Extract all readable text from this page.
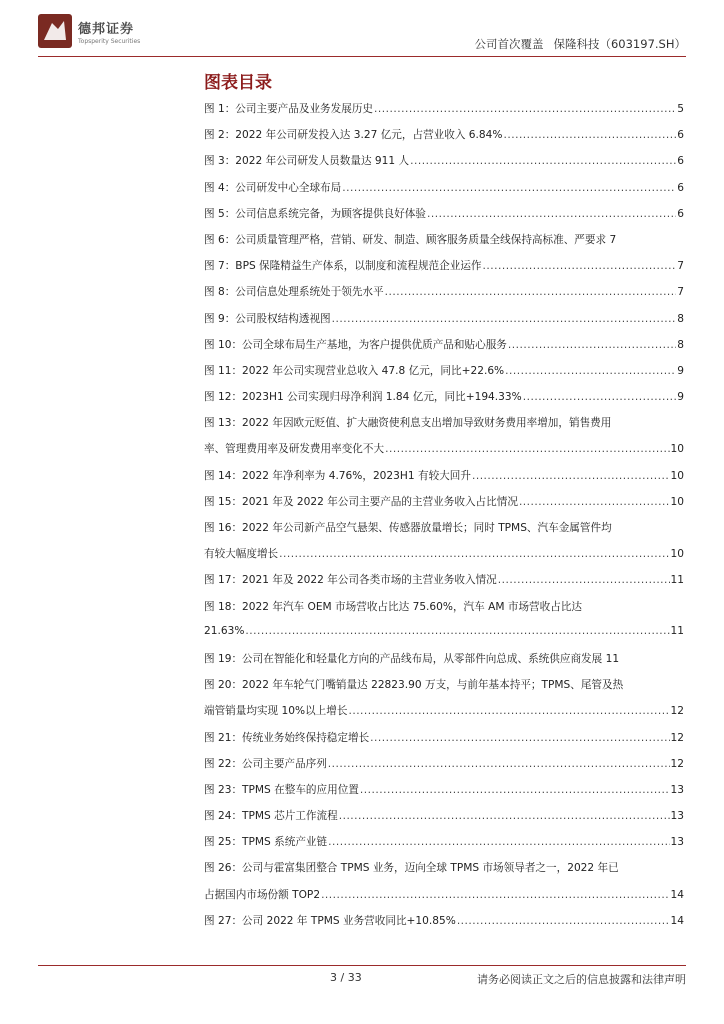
德邦证券
Topsperity Securities	公司首次覆盖 保隆科技（603197.SH）
图表目录
图 1：公司主要产品及业务发展历史 .....	5
图 2：2022 年公司研发投入达 3.27 亿元，占营业收入 6.84% .....	6
图 3：2022 年公司研发人员数量达 911 人 .....	6
图 4：公司研发中心全球布局 .....	6
图 5：公司信息系统完备，为顾客提供良好体验 .....	6
图 6：公司质量管理严格，营销、研发、制造、顾客服务质量全线保持高标准、严要求 7
图 7：BPS 保隆精益生产体系，以制度和流程规范企业运作 .....	7
图 8：公司信息处理系统处于领先水平 .....	7
图 9：公司股权结构透视图 .....	8
图 10：公司全球布局生产基地，为客户提供优质产品和贴心服务 .....	8
图 11：2022 年公司实现营业总收入 47.8 亿元，同比+22.6% .....	9
图 12：2023H1 公司实现归母净利润 1.84 亿元，同比+194.33% .....	9
图 13：2022 年因欧元贬值、扩大融资使利息支出增加导致财务费用率增加，销售费用
率、管理费用率及研发费用率变化不大 .....	10
图 14：2022 年净利率为 4.76%，2023H1 有较大回升 .....	10
图 15：2021 年及 2022 年公司主要产品的主营业务收入占比情况 .....	10
图 16：2022 年公司新产品空气悬架、传感器放量增长；同时 TPMS、汽车金属管件均
有较大幅度增长 .....	10
图 17：2021 年及 2022 年公司各类市场的主营业务收入情况 .....	11
图 18：2022 年汽车 OEM 市场营收占比达 75.60%，汽车 AM 市场营收占比达
21.63% .....	11
图 19：公司在智能化和轻量化方向的产品线布局，从零部件向总成、系统供应商发展 11
图 20：2022 年车轮气门嘴销量达 22823.90 万支，与前年基本持平；TPMS、尾管及热
端管销量均实现 10%以上增长 .....	12
图 21：传统业务始终保持稳定增长 .....	12
图 22：公司主要产品序列 .....	12
图 23：TPMS 在整车的应用位置 .....	13
图 24：TPMS 芯片工作流程 .....	13
图 25：TPMS 系统产业链 .....	13
图 26：公司与霍富集团整合 TPMS 业务，迈向全球 TPMS 市场领导者之一，2022 年已
占据国内市场份额 TOP2 .....	14
图 27：公司 2022 年 TPMS 业务营收同比+10.85% .....	14
3 / 33	请务必阅读正文之后的信息披露和法律声明
